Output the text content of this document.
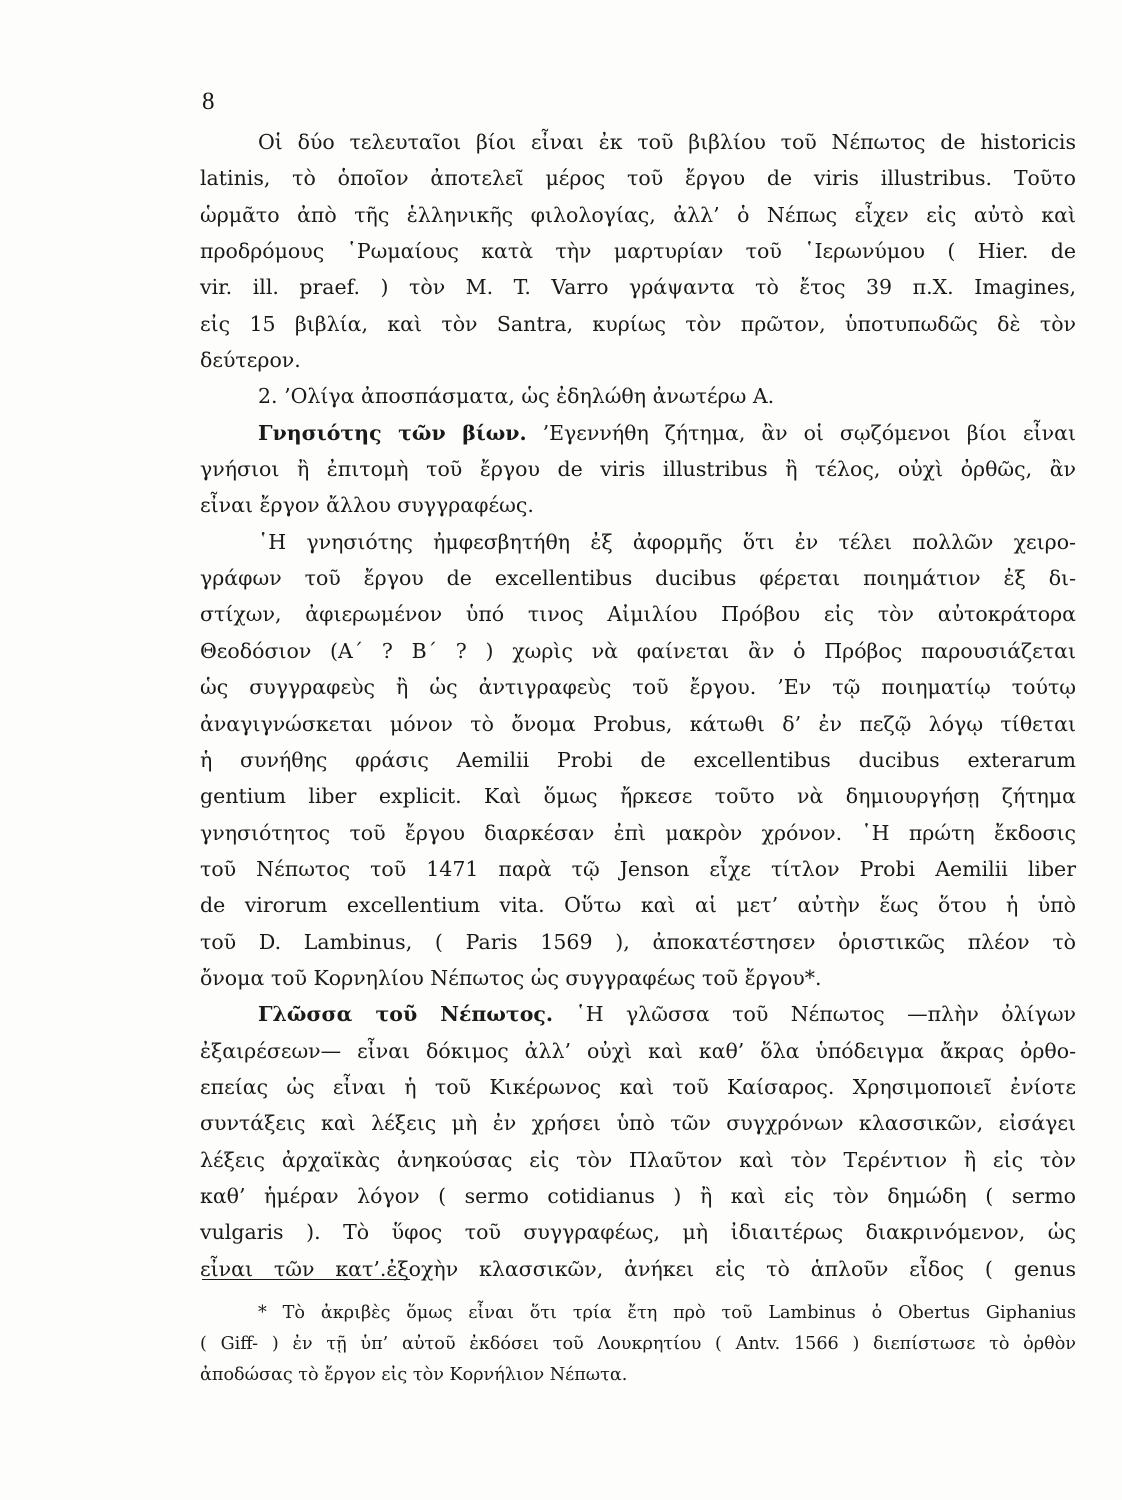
8
Οἱ δύο τελευταῖοι βίοι εἶναι ἐκ τοῦ βιβλίου τοῦ Νέπωτος de historicis
latinis, τὸ ὁποῖον ἀποτελεῖ μέρος τοῦ ἔργου de viris illustribus. Τοῦτο
ὡρμᾶτο ἀπὸ τῆς ἑλληνικῆς φιλολογίας, ἀλλ’ ὁ Νέπως εἶχεν εἰς αὐτὸ καὶ
προδρόμους ῾Ρωμαίους κατὰ τὴν μαρτυρίαν τοῦ ῾Ιερωνύμου ( Hier. de
vir. ill. praef. ) τὸν M. T. Varro γράψαντα τὸ ἔτος 39 π.Χ. Imagines,
εἰς 15 βιβλία, καὶ τὸν Santra, κυρίως τὸν πρῶτον, ὑποτυπωδῶς δὲ τὸν
δεύτερον.
2. ’Ολίγα ἀποσπάσματα, ὡς ἐδηλώθη ἀνωτέρω Α.
Γνησιότης τῶν βίων. ’Εγεννήθη ζήτημα, ἂν οἱ σῳζόμενοι βίοι εἶναι
γνήσιοι ἢ ἐπιτομὴ τοῦ ἔργου de viris illustribus ἢ τέλος, οὐχὶ ὀρθῶς, ἂν
εἶναι ἔργον ἄλλου συγγραφέως.
῾Η γνησιότης ἠμφεσβητήθη ἐξ ἀφορμῆς ὅτι ἐν τέλει πολλῶν χειρο-
γράφων τοῦ ἔργου de excellentibus ducibus φέρεται ποιημάτιον ἐξ δι-
στίχων, ἀφιερωμένον ὑπό τινος Αἰμιλίου Πρόβου εἰς τὸν αὐτοκράτορα
Θεοδόσιον (Α´ ? Β´ ? ) χωρὶς νὰ φαίνεται ἂν ὁ Πρόβος παρουσιάζεται
ὡς συγγραφεὺς ἢ ὡς ἀντιγραφεὺς τοῦ ἔργου. ’Εν τῷ ποιηματίῳ τούτῳ
ἀναγιγνώσκεται μόνον τὸ ὄνομα Probus, κάτωθι δ’ ἐν πεζῷ λόγῳ τίθεται
ἡ συνήθης φράσις Aemilii Probi de excellentibus ducibus exterarum
gentium liber explicit. Καὶ ὅμως ἤρκεσε τοῦτο νὰ δημιουργήσῃ ζήτημα
γνησιότητος τοῦ ἔργου διαρκέσαν ἐπὶ μακρὸν χρόνον. ῾Η πρώτη ἔκδοσις
τοῦ Νέπωτος τοῦ 1471 παρὰ τῷ Jenson εἶχε τίτλον Probi Aemilii liber
de virorum excellentium vita. Οὕτω καὶ αἱ μετ’ αὐτὴν ἕως ὅτου ἡ ὑπὸ
τοῦ D. Lambinus, ( Paris 1569 ), ἀποκατέστησεν ὁριστικῶς πλέον τὸ
ὄνομα τοῦ Κορνηλίου Νέπωτος ὡς συγγραφέως τοῦ ἔργου*.
Γλῶσσα τοῦ Νέπωτος. ῾Η γλῶσσα τοῦ Νέπωτος —πλὴν ὀλίγων
ἐξαιρέσεων— εἶναι δόκιμος ἀλλ’ οὐχὶ καὶ καθ’ ὅλα ὑπόδειγμα ἄκρας ὀρθο-
επείας ὡς εἶναι ἡ τοῦ Κικέρωνος καὶ τοῦ Καίσαρος. Χρησιμοποιεῖ ἐνίοτε
συντάξεις καὶ λέξεις μὴ ἐν χρήσει ὑπὸ τῶν συγχρόνων κλασσικῶν, εἰσάγει
λέξεις ἀρχαϊκὰς ἀνηκούσας εἰς τὸν Πλαῦτον καὶ τὸν Τερέντιον ἢ εἰς τὸν
καθ’ ἡμέραν λόγον ( sermo cotidianus ) ἢ καὶ εἰς τὸν δημώδη ( sermo
vulgaris ). Τὸ ὕφος τοῦ συγγραφέως, μὴ ἰδιαιτέρως διακρινόμενον, ὡς
εἶναι τῶν κατ’.ἐξοχὴν κλασσικῶν, ἀνήκει εἰς τὸ ἁπλοῦν εἶδος ( genus
* Τὸ ἀκριβὲς ὅμως εἶναι ὅτι τρία ἔτη πρὸ τοῦ Lambinus ὁ Obertus Giphanius
( Giff- ) ἐν τῇ ὑπ’ αὐτοῦ ἐκδόσει τοῦ Λουκρητίου ( Antv. 1566 ) διεπίστωσε τὸ ὀρθὸν
ἀποδώσας τὸ ἔργον εἰς τὸν Κορνήλιον Νέπωτα.
